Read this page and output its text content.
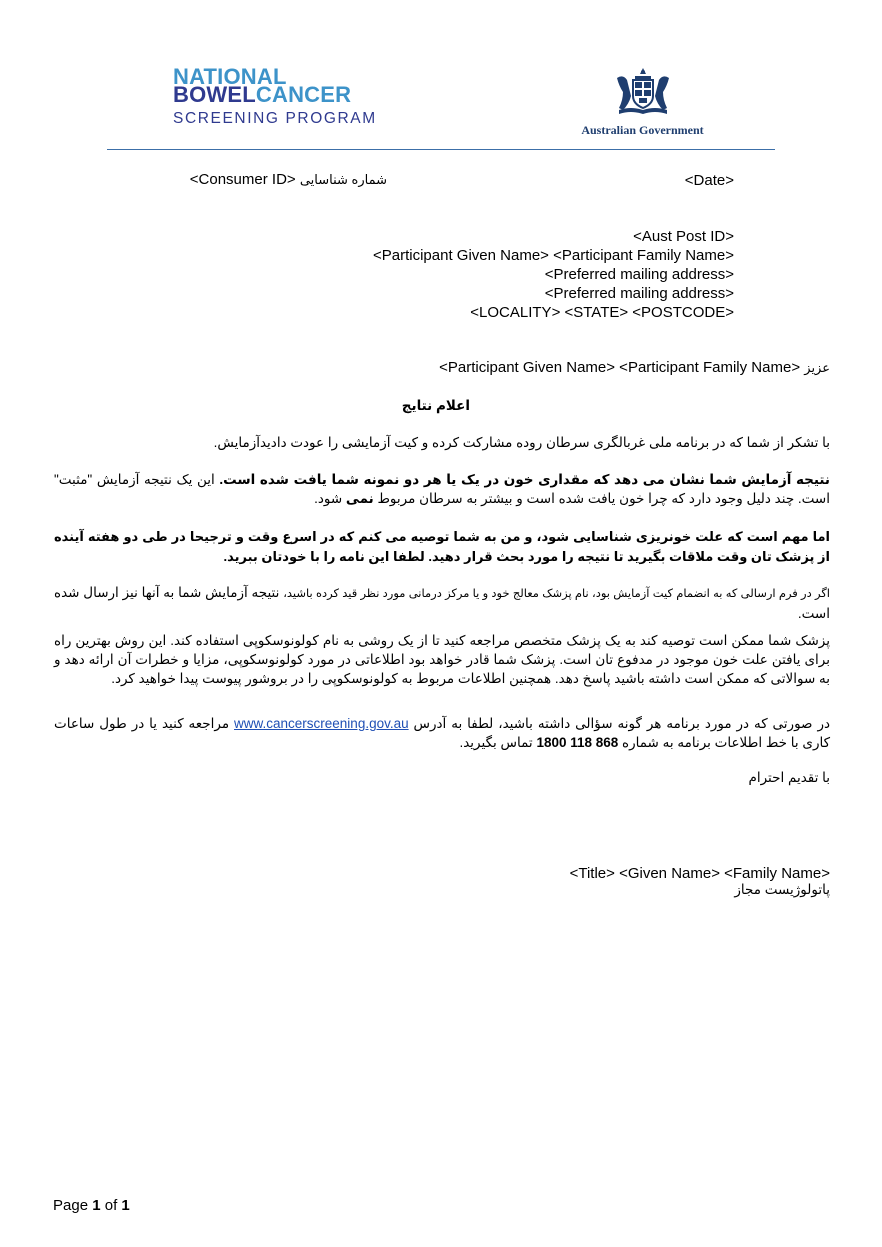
NATIONAL
BOWELCANCER
SCREENING PROGRAM
Australian Government
شماره شناسایی <Consumer ID>	<Date>
<Aust Post ID>
<Participant Given Name> <Participant Family Name>
<Preferred mailing address>
<Preferred mailing address>
<LOCALITY> <STATE> <POSTCODE>
عزیز <Participant Given Name> <Participant Family Name>
اعلام نتایج
با تشکر از شما که در برنامه ملی غربالگری سرطان روده مشارکت کرده و کیت آزمایشی را عودت دادیدآزمایش.
نتیجه آزمایش شما نشان می دهد که مقداری خون در یک یا هر دو نمونه شما یافت شده است. این یک نتیجه آزمایش "مثبت" است. چند دلیل وجود دارد که چرا خون یافت شده است و بیشتر به سرطان مربوط نمی شود.
اما مهم است که علت خونریزی شناسایی شود، و من به شما توصیه می کنم که در اسرع وقت و ترجیحا در طی دو هفته آینده از پزشک تان وقت ملاقات بگیرید تا نتیجه را مورد بحث قرار دهید. لطفا این نامه را با خودتان ببرید.
اگر در فرم ارسالی که به انضمام کیت آزمایش بود، نام پزشک معالج خود و یا مرکز درمانی مورد نظر قید کرده باشید، نتیجه آزمایش شما به آنها نیز ارسال شده است.
پزشک شما ممکن است توصیه کند به یک پزشک متخصص مراجعه کنید تا از یک روشی به نام کولونوسکوپی استفاده کند. این روش بهترین راه برای یافتن علت خون موجود در مدفوع تان است. پزشک شما قادر خواهد بود اطلاعاتی در مورد کولونوسکوپی، مزایا و خطرات آن ارائه دهد و به سوالاتی که ممکن است داشته باشید پاسخ دهد. همچنین اطلاعات مربوط به کولونوسکوپی را در بروشور پیوست پیدا خواهید کرد.
در صورتی که در مورد برنامه هر گونه سؤالی داشته باشید، لطفا به آدرس www.cancerscreening.gov.au مراجعه کنید یا در طول ساعات کاری با خط اطلاعات برنامه به شماره 1800 118 868 تماس بگیرید.
با تقدیم احترام
<Title> <Given Name> <Family Name>
پاتولوژیست مجاز
Page 1 of 1
